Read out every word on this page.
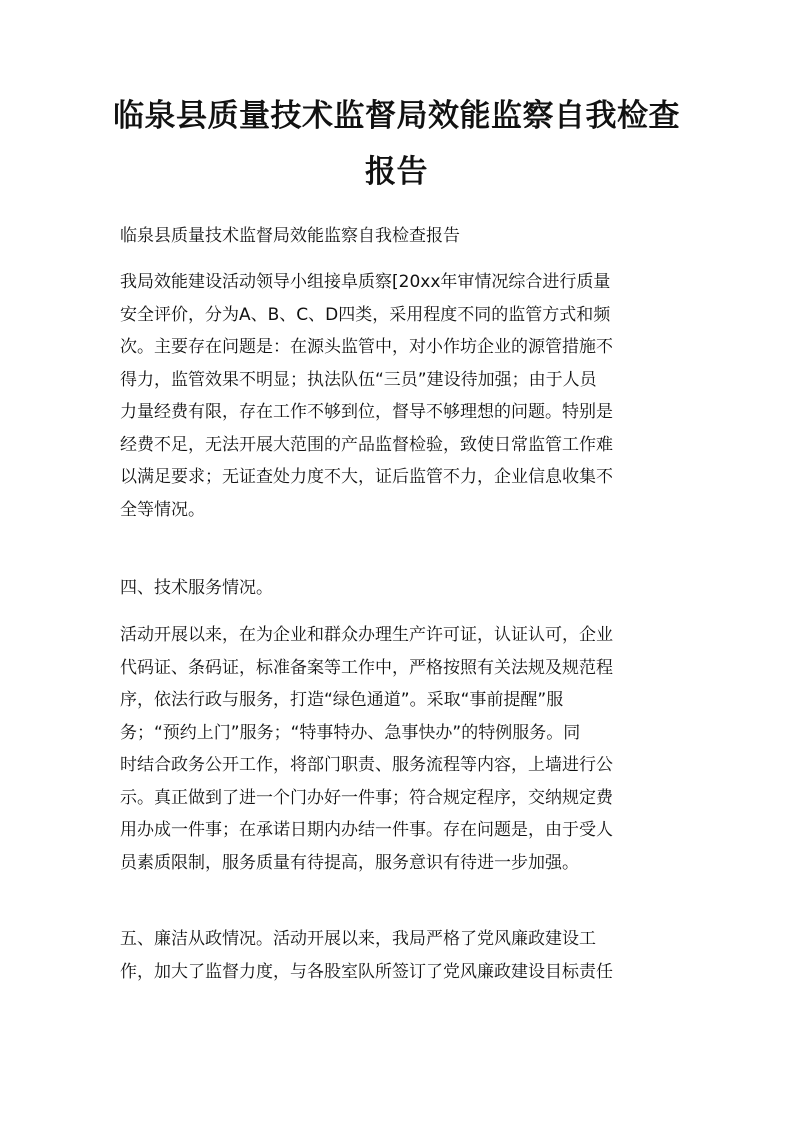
临泉县质量技术监督局效能监察自我检查
报告

临泉县质量技术监督局效能监察自我检查报告

我局效能建设活动领导小组接阜质察[20xx年审情况综合进行质量
安全评价，分为A、B、C、D四类，采用程度不同的监管方式和频
次。主要存在问题是：在源头监管中，对小作坊企业的源管措施不
得力，监管效果不明显；执法队伍“三员”建设待加强；由于人员
力量经费有限，存在工作不够到位，督导不够理想的问题。特别是
经费不足，无法开展大范围的产品监督检验，致使日常监管工作难
以满足要求；无证查处力度不大，证后监管不力，企业信息收集不
全等情况。
四、技术服务情况。
活动开展以来，在为企业和群众办理生产许可证，认证认可，企业
代码证、条码证，标准备案等工作中，严格按照有关法规及规范程
序，依法行政与服务，打造“绿色通道”。采取“事前提醒”服
务；“预约上门”服务；“特事特办、急事快办”的特例服务。同
时结合政务公开工作，将部门职责、服务流程等内容，上墙进行公
示。真正做到了进一个门办好一件事；符合规定程序，交纳规定费
用办成一件事；在承诺日期内办结一件事。存在问题是，由于受人
员素质限制，服务质量有待提高，服务意识有待进一步加强。
五、廉洁从政情况。活动开展以来，我局严格了党风廉政建设工
作，加大了监督力度，与各股室队所签订了党风廉政建设目标责任
